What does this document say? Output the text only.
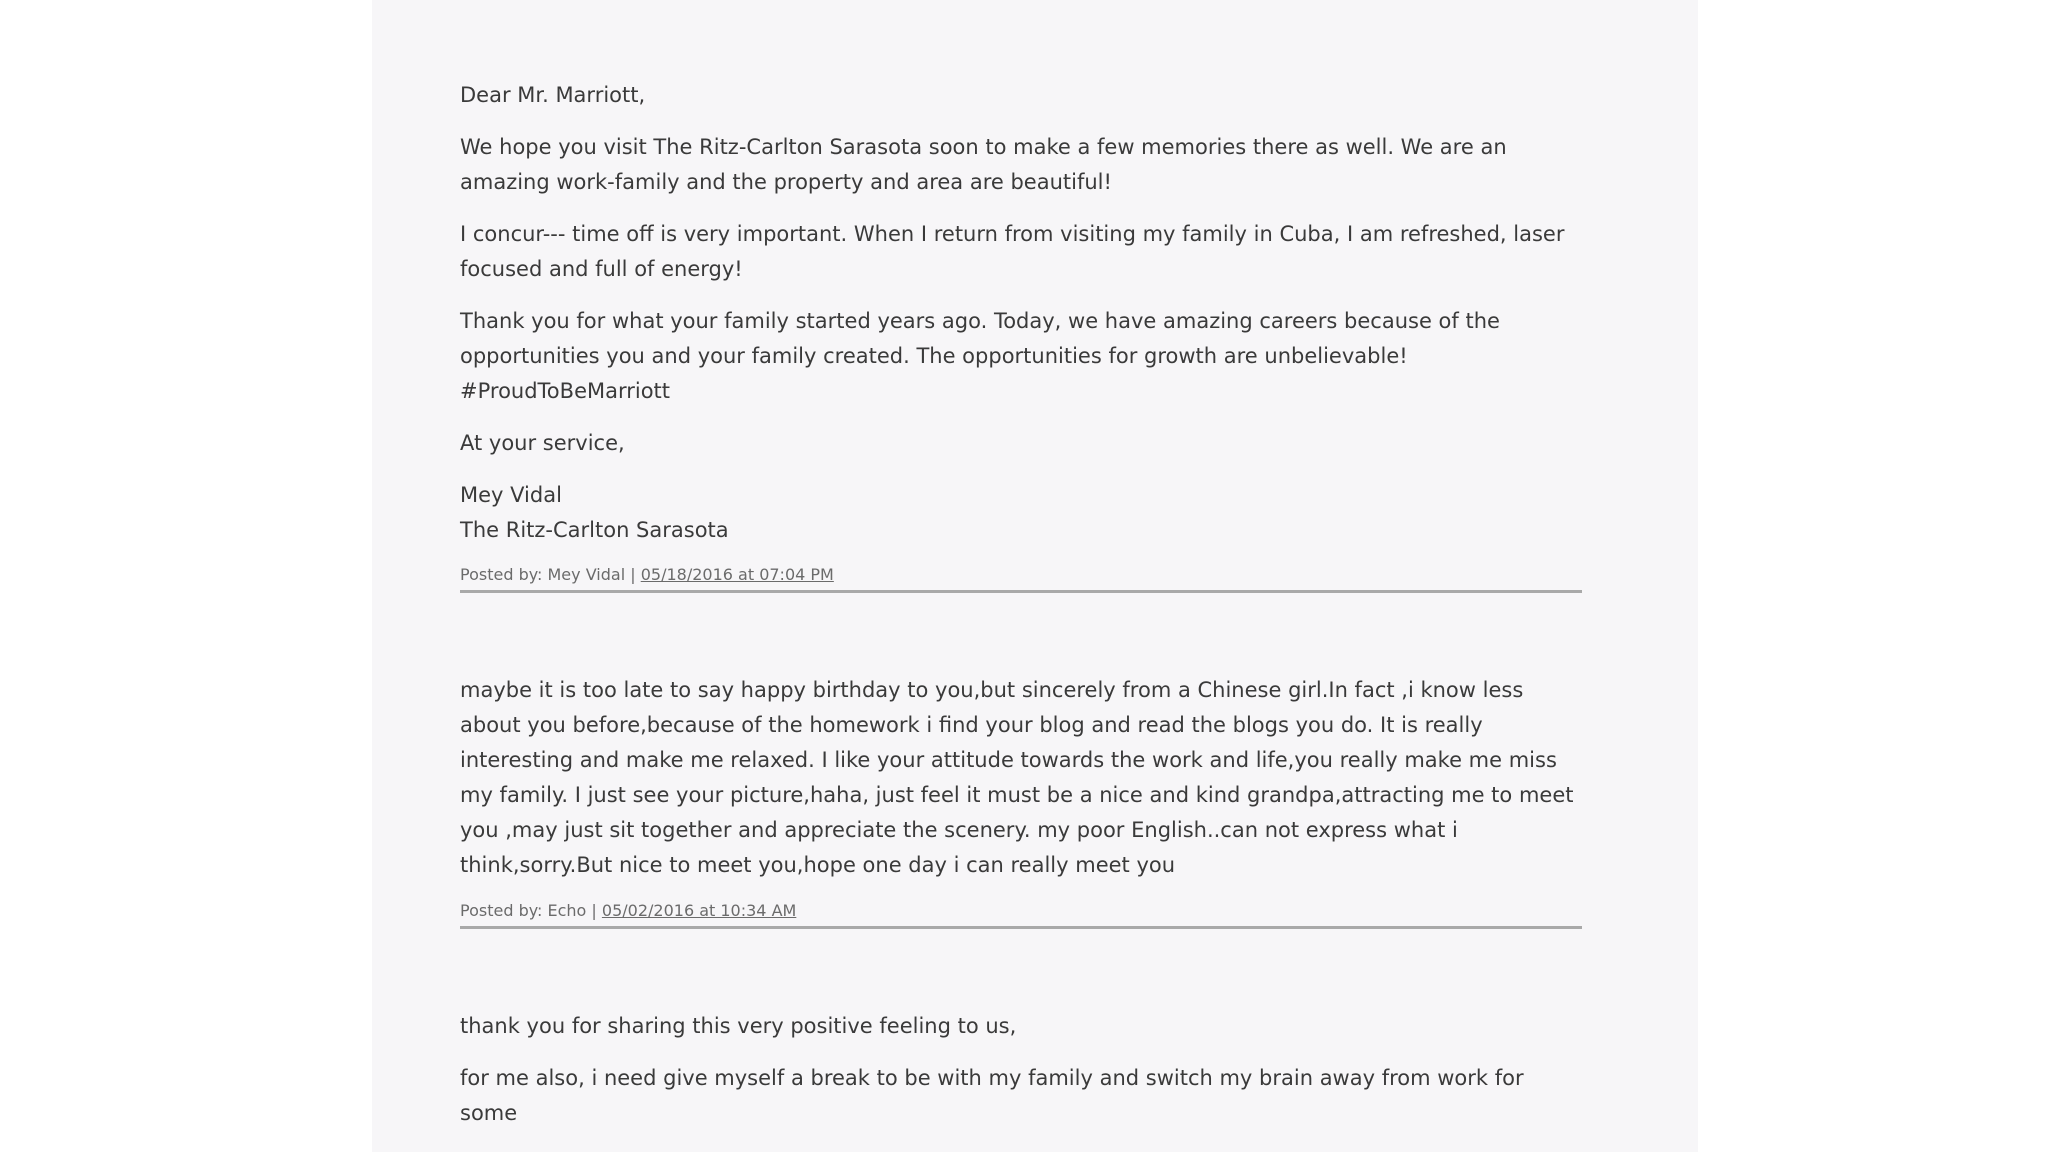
Dear Mr. Marriott,

We hope you visit The Ritz-Carlton Sarasota soon to make a few memories there as well. We are an amazing work-family and the property and area are beautiful!

I concur--- time off is very important. When I return from visiting my family in Cuba, I am refreshed, laser focused and full of energy!

Thank you for what your family started years ago. Today, we have amazing careers because of the opportunities you and your family created. The opportunities for growth are unbelievable! #ProudToBeMarriott

At your service,

Mey Vidal

The Ritz-Carlton Sarasota

Posted by: Mey Vidal | 05/18/2016 at 07:04 PM

maybe it is too late to say happy birthday to you,but sincerely from a Chinese girl.In fact ,i know less about you before,because of the homework i find your blog and read the blogs you do. It is really interesting and make me relaxed. I like your attitude towards the work and life,you really make me miss my family. I just see your picture,haha, just feel it must be a nice and kind grandpa,attracting me to meet you ,may just sit together and appreciate the scenery. my poor English..can not express what i think,sorry.But nice to meet you,hope one day i can really meet you

Posted by: Echo | 05/02/2016 at 10:34 AM

thank you for sharing this very positive feeling to us,

for me also, i need give myself a break to be with my family and switch my brain away from work for some
